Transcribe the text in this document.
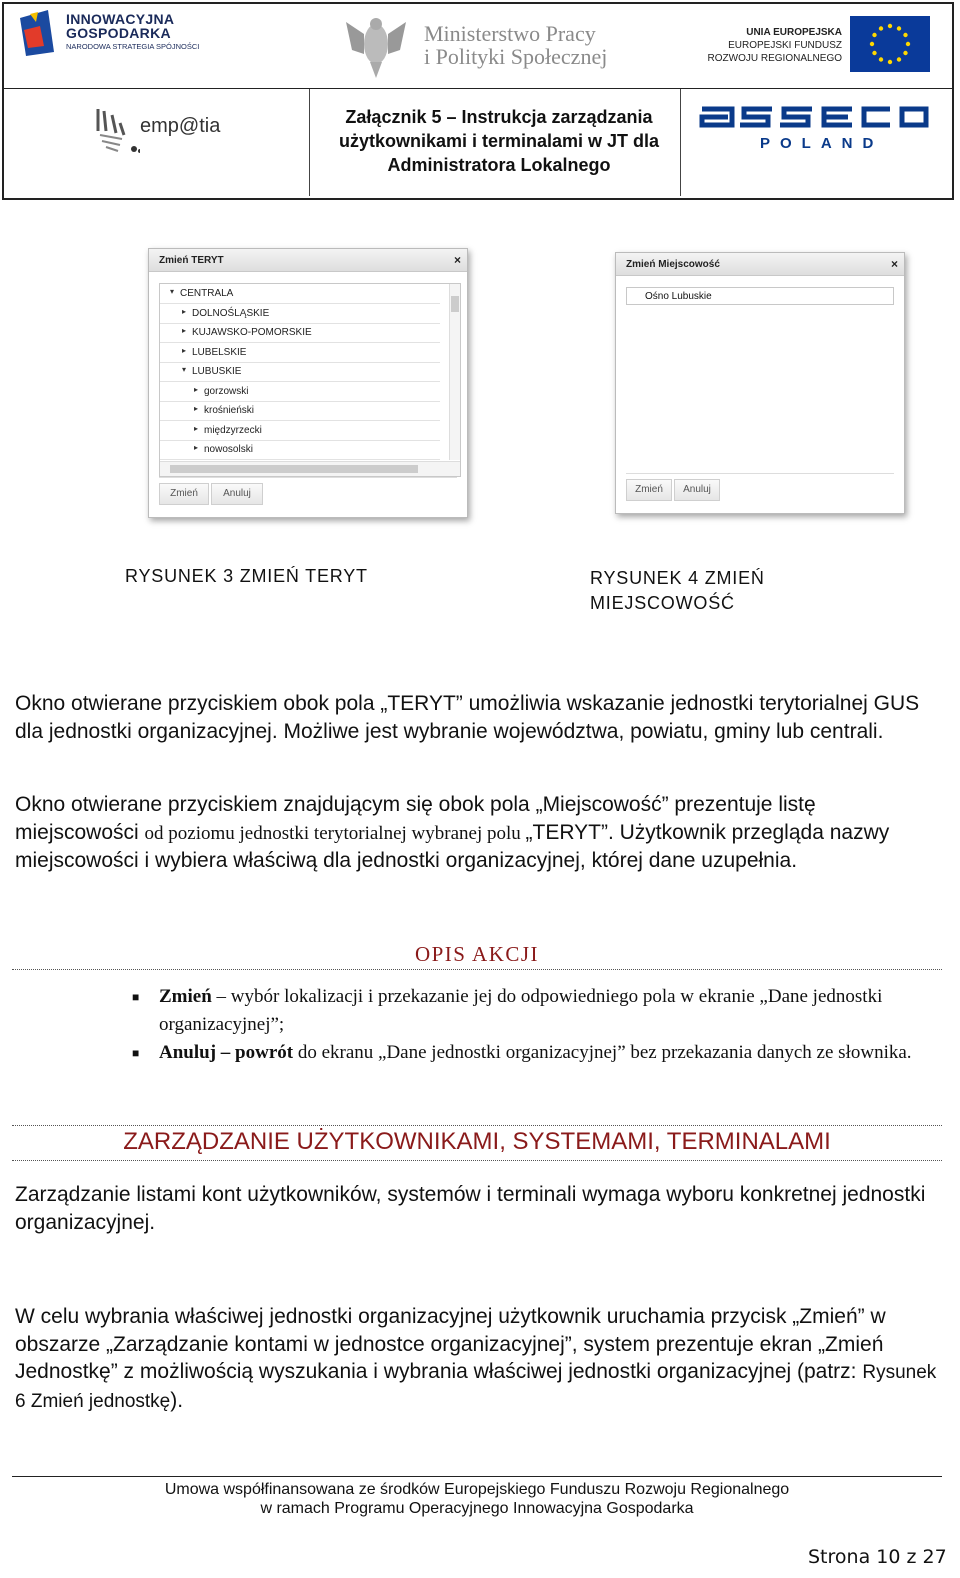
INNOWACYJNA
GOSPODARKA
NARODOWA STRATEGIA SPÓJNOŚCI
Ministerstwo Pracy
i Polityki Społecznej
UNIA EUROPEJSKA
EUROPEJSKI FUNDUSZ
ROZWOJU REGIONALNEGO
emp@tia	Załącznik 5 – Instrukcja zarządzania użytkownikami i terminalami w JT dla Administratora Lokalnego
POLAND
Zmień TERYT	×
▾ CENTRALA
▸ DOLNOŚLĄSKIE
▸ KUJAWSKO-POMORSKIE
▸ LUBELSKIE
▾ LUBUSKIE
▸ gorzowski
▸ krośnieński
▸ międzyrzecki
▸ nowosolski
Zmień	Anuluj
Zmień Miejscowość	×
Ośno Lubuskie
Zmień	Anuluj
RYSUNEK 3 ZMIEŃ TERYT	RYSUNEK 4 ZMIEŃ
MIEJSCOWOŚĆ
Okno otwierane przyciskiem obok pola „TERYT” umożliwia wskazanie jednostki terytorialnej GUS dla jednostki organizacyjnej. Możliwe jest wybranie województwa, powiatu, gminy lub centrali.
Okno otwierane przyciskiem znajdującym się obok pola „Miejscowość” prezentuje listę miejscowości od poziomu jednostki terytorialnej wybranej polu „TERYT”. Użytkownik przegląda nazwy miejscowości i wybiera właściwą dla jednostki organizacyjnej, której dane uzupełnia.
OPIS AKCJI
■	Zmień – wybór lokalizacji i przekazanie jej do odpowiedniego pola w ekranie „Dane jednostki organizacyjnej”;
■	Anuluj – powrót do ekranu „Dane jednostki organizacyjnej” bez przekazania danych ze słownika.
ZARZĄDZANIE UŻYTKOWNIKAMI, SYSTEMAMI, TERMINALAMI
Zarządzanie listami kont użytkowników, systemów i terminali wymaga wyboru konkretnej jednostki organizacyjnej.
W celu wybrania właściwej jednostki organizacyjnej użytkownik uruchamia przycisk „Zmień” w obszarze „Zarządzanie kontami w jednostce organizacyjnej”, system prezentuje ekran „Zmień Jednostkę” z możliwością wyszukania i wybrania właściwej jednostki organizacyjnej (patrz: Rysunek 6 Zmień jednostkę).
Umowa współfinansowana ze środków Europejskiego Funduszu Rozwoju Regionalnego
w ramach Programu Operacyjnego Innowacyjna Gospodarka
Strona 10 z 27
